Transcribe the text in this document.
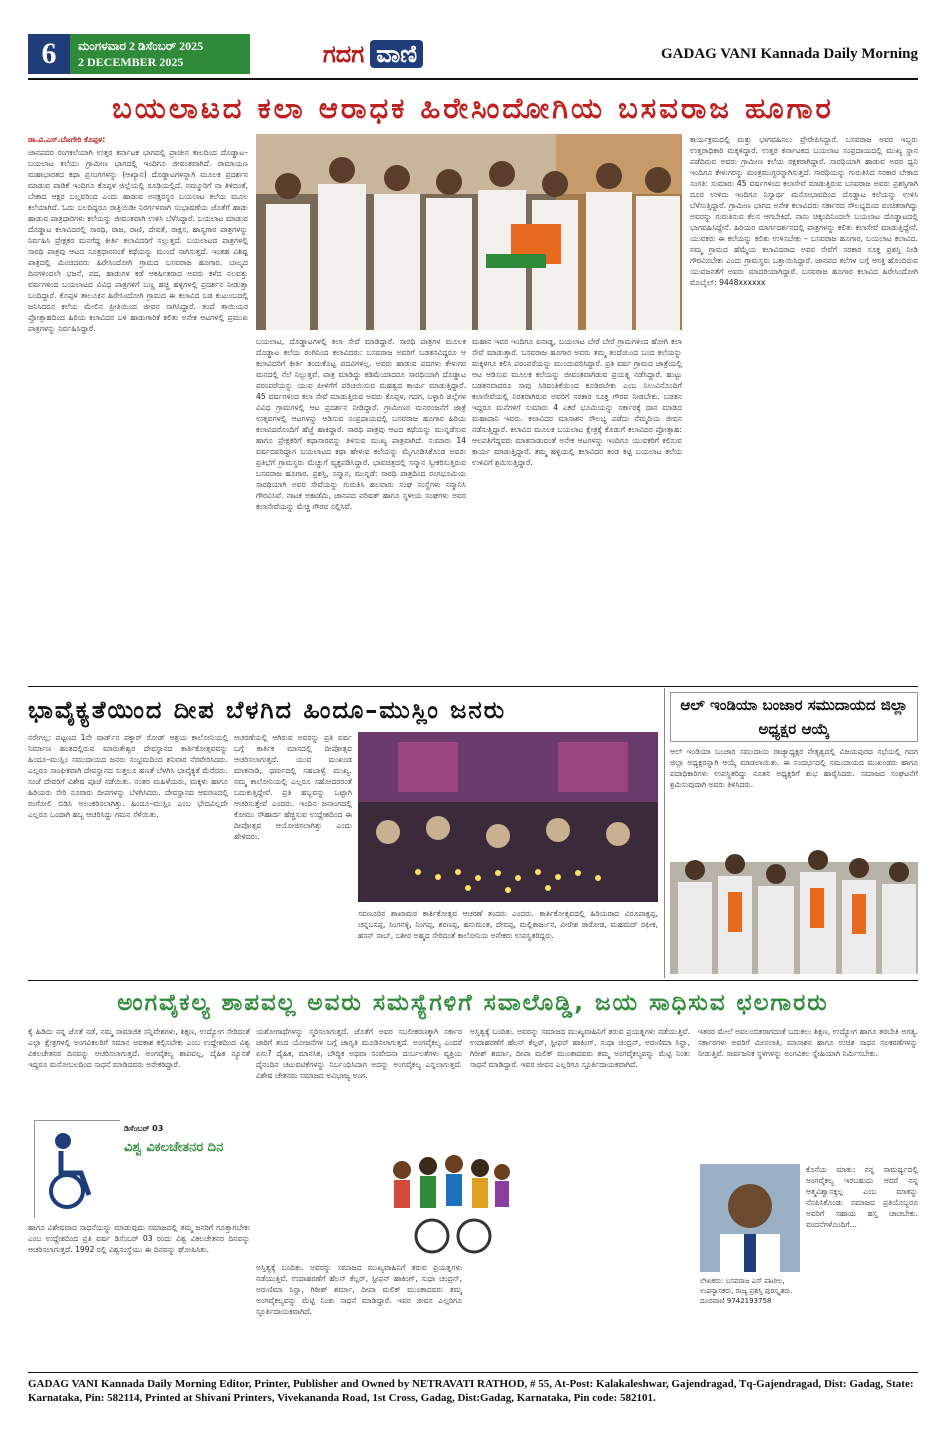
6	ಮಂಗಳವಾರ 2 ಡಿಸೆಂಬರ್ 2025
2 DECEMBER 2025	ಗದಗ ವಾಣಿ	GADAG VANI Kannada Daily Morning
ಬಯಲಾಟದ ಕಲಾ ಆರಾಧಕ ಹಿರೇಸಿಂದೋಗಿಯ ಬಸವರಾಜ ಹೂಗಾರ
ಡಾ.ವಿ.ಎಸ್.ಬೆಟಗೇರಿ ಕೊಪ್ಪಳ:
ಜಾನಪದರ ರಂಗಕಲೆಯಾಗಿ ಉತ್ತರ ಕರ್ನಾಟಕ ಭಾಗದಲ್ಲಿ ಪ್ರಾಚೀನ ಕಾಲದಿಂದ ದೊಡ್ಡಾಟ–ಬಯಲಾಟ ಕಲೆಯು ಗ್ರಾಮೀಣ ಭಾಗದಲ್ಲಿ ಇಂದಿಗೂ ಜೀವಂತವಾಗಿದೆ. ರಾಮಾಯಣ ಮಹಾಭಾರತದ ಕಥಾ ಪ್ರಸಂಗಗಳನ್ನು (ಆಖ್ಯಾನ) ದೊಡ್ಡಾಟಗಳನ್ನಾಗಿ ಮೂಲಕ ಪ್ರದರ್ಶನ ಮಾಡುವ ಪಾಡಿಕೆ ಇಂದಿಗೂ ಕೊಪ್ಪಳ ಜಿಲ್ಲೆಯಲ್ಲಿ ರೂಢಿಯಲ್ಲಿದೆ. ನಮ್ಮೂರಿಗೆ ನಾ ತಿಳಿದಂತೆ, ಬೇಕಾದ ಆಕ್ಷರ ಬಲ್ಲವರಿಂದ ಎಂದು ಹಾಡುವ ಅನಕ್ಷರಸ್ಥರ ಬಯಲಾಟ ಕಲೆಯ ಮೂಲ ಕಲೆಯಾಗಿದೆ. ಓದು ಬಲದಿದ್ದರೂ ರಾತ್ರಿಯಿಡೀ ನಿರರ್ಗಳವಾಗಿ ಸಂಭಾಷಣೆಯ ಜೊತೆಗೆ ಹಾಡು ಹಾಡುವ ಪಾತ್ರಧಾರಿಗಳು ಕಲೆಯನ್ನು ಜೀವಂತವಾಗಿ ಉಳಿಸಿ ಬೆಳೆಸಿದ್ದಾರೆ. ಬಯಲಾಟ ಮಾಡುವ ದೊಡ್ಡಾಟ ಕಲಾವಿದರಲ್ಲಿ ಸಾರಥಿ, ರಾಜ, ರಾಣಿ, ದೇವತೆ, ರಾಕ್ಷಸ, ಹಾಸ್ಯಗಾರ ಪಾತ್ರಗಳನ್ನು ನಿರ್ವಹಿಸಿ ಪ್ರೇಕ್ಷಕರ ಮನಗೆದ್ದ ಕೀರ್ತಿ ಕಲಾವಿದರಿಗೆ ಸಲ್ಲುತ್ತದೆ. ಬಯಲಾಟದ ಪಾತ್ರಗಳಲ್ಲಿ ಸಾರಥಿ ಪಾತ್ರವು ಆಟದ ಸೂತ್ರಧಾರನಂತೆ ಕಥೆಯನ್ನು ಮುಂದೆ ಸಾಗಿಸುತ್ತದೆ. ಇಂತಹ ವಿಶಿಷ್ಟ ಪಾತ್ರದಲ್ಲಿ ಮಿಂಚಿದವರು ಹಿರೇಸಿಂದೋಗಿ ಗ್ರಾಮದ ಬಸವರಾಜ ಹೂಗಾರ. ಬಾಲ್ಯದ ದಿನಗಳಿಂದಲೇ ಭಜನೆ, ಪದ, ಹಾಡುಗಳ ಕಡೆ ಆಕರ್ಷಿತರಾದ ಅವರು ಕಳೆದ ನಲವತ್ತು ವರ್ಷಗಳಿಂದ ಬಯಲಾಟದ ವಿವಿಧ ಪಾತ್ರಗಳಿಗೆ ಬಣ್ಣ ಹಚ್ಚಿ ಹಳ್ಳಿಗಳಲ್ಲಿ ಪ್ರದರ್ಶನ ನೀಡುತ್ತಾ ಬಂದಿದ್ದಾರೆ. ಕೊಪ್ಪಳ ತಾಲೂಕಿನ ಹಿರೇಸಿಂದೋಗಿ ಗ್ರಾಮದ ಈ ಕಲಾವಿದ ಬಡ ಕುಟುಂಬದಲ್ಲಿ ಜನಿಸಿದರೂ ಕಲೆಯ ಮೇಲಿನ ಪ್ರೀತಿಯಿಂದ ಜೀವನ ಸಾಗಿಸಿದ್ದಾರೆ. ತಂದೆ ತಾಯಿಯರ ಪ್ರೋತ್ಸಾಹದಿಂದ ಹಿರಿಯ ಕಲಾವಿದರ ಬಳಿ ಹಾಡುಗಾರಿಕೆ ಕಲಿತು ಅನೇಕ ಆಟಗಳಲ್ಲಿ ಪ್ರಮುಖ ಪಾತ್ರಗಳನ್ನು ನಿರ್ವಹಿಸಿದ್ದಾರೆ.
ಬಯಲಾಟ, ದೊಡ್ಡಾಟಗಳಲ್ಲಿ ಕಲಾ ಸೇವೆ ಮಾಡಿದ್ದಾರೆ. ಸಾರಥಿ ಪಾತ್ರಗಳ ಮೂಲಕ ದೊಡ್ಡಾಟ ಕಲೆಯ ರಂಗಿನಿಂದ ಕಲಾವಿದರು: ಬಸವರಾಜ ಅವರಿಗೆ ಬಡತನವಿದ್ದರೂ ಆ ಕಲಾವಿದರಿಗೆ ಕೀರ್ತಿ ತಂದುಕೊಟ್ಟ ಪದವಿಗಳಿಲ್ಲ. ಅವರು ಹಾಡುವ ಪದಗಳು ಕೇಳುಗರ ಮನದಲ್ಲಿ ನೆಲೆ ನಿಲ್ಲುತ್ತವೆ. ಪಾತ್ರ ಮಾಡಿದ್ದು ಕಡಿಮೆಯಾದರೂ ಸಾರಥಿಯಾಗಿ ದೊಡ್ಡಾಟ ಪರಂಪರೆಯನ್ನು ಯುವ ಪೀಳಿಗೆಗೆ ಪರಿಚಯಿಸುವ ಮಹತ್ವದ ಕಾರ್ಯ ಮಾಡುತ್ತಿದ್ದಾರೆ. 45 ವರ್ಷಗಳಿಂದ ಕಲಾ ಸೇವೆ ಮಾಡುತ್ತಿರುವ ಅವರು ಕೊಪ್ಪಳ, ಗದಗ, ಬಳ್ಳಾರಿ ಜಿಲ್ಲೆಗಳ ವಿವಿಧ ಗ್ರಾಮಗಳಲ್ಲಿ ಆಟ ಪ್ರದರ್ಶನ ನೀಡಿದ್ದಾರೆ. ಗ್ರಾಮೀಣರ ಮನರಂಜನೆಗೆ ಜಾತ್ರೆ ಉತ್ಸವಗಳಲ್ಲಿ ಆಟಗಳನ್ನು ಆಡಿಸುವ ಸಂಪ್ರದಾಯದಲ್ಲಿ ಬಸವರಾಜ ಹೂಗಾರ ಹಿರಿಯ ಕಲಾವಿದರೊಂದಿಗೆ ಹೆಜ್ಜೆ ಹಾಕಿದ್ದಾರೆ. ಸಾರಥಿ ಪಾತ್ರವು ಆಟದ ಕಥೆಯನ್ನು ಮುನ್ನಡೆಸುವ ಹಾಗೂ ಪ್ರೇಕ್ಷಕರಿಗೆ ಕಥಾಸಾರವನ್ನು ತಿಳಿಸುವ ಮುಖ್ಯ ಪಾತ್ರವಾಗಿದೆ. ಸುಮಾರು 14 ವರ್ಷದವರಿದ್ದಾಗ ಬಯಲಾಟದ ಕಥಾ ಹೇಳುವ ಕಲೆಯನ್ನು ಮೈಗೂಡಿಸಿಕೊಂಡ ಅವರು ಪ್ರತಿಭೆಗೆ ಗ್ರಾಮಸ್ಥರು ಮೆಚ್ಚುಗೆ ವ್ಯಕ್ತಪಡಿಸಿದ್ದಾರೆ. ಭಾವಚಿತ್ರದಲ್ಲಿ ಸನ್ಮಾನ ಸ್ವೀಕರಿಸುತ್ತಿರುವ ಬಸವರಾಜ ಹೂಗಾರ. ಪ್ರಶಸ್ತಿ, ಸನ್ಮಾನ, ಮುನ್ನಡೆ: ಸಾರಥಿ ಪಾತ್ರದಿಂದ ರಂಗಭೂಮಿಯ ಸಾರಥಿಯಾಗಿ ಅವರ ಸೇವೆಯನ್ನು ಗುರುತಿಸಿ ಹಲವಾರು ಸಂಘ ಸಂಸ್ಥೆಗಳು ಸನ್ಮಾನಿಸಿ ಗೌರವಿಸಿವೆ. ನಾಟಕ ಅಕಾಡೆಮಿ, ಜಾನಪದ ಪರಿಷತ್ ಹಾಗೂ ಸ್ಥಳೀಯ ಸಂಘಗಳು ಅವರ ಕಲಾಸೇವೆಯನ್ನು ಮೆಚ್ಚಿ ಗೌರವ ಸಲ್ಲಿಸಿವೆ.
ಮಹಾನ ಇವರ ಇಂದಿಗೂ ಐನಾಡ್ಡ, ಬಯಲಾಟ ಬೇರೆ ಬೇರೆ ಗ್ರಾಮಗಳಿಂದ ಹೋಗಿ ಕಲಾ ಸೇವೆ ಮಾಡುತ್ತಾರೆ. ಬಸವರಾಜ ಹೂಗಾರ ಅವರು ತಮ್ಮ ತಂದೆಯಿಂದ ಬಂದ ಕಲೆಯನ್ನು ಮಕ್ಕಳಿಗೂ ಕಲಿಸಿ ಪರಂಪರೆಯನ್ನು ಮುಂದುವರಿಸಿದ್ದಾರೆ. ಪ್ರತಿ ವರ್ಷ ಗ್ರಾಮದ ಜಾತ್ರೆಯಲ್ಲಿ ಆಟ ಆಡಿಸುವ ಮೂಲಕ ಕಲೆಯನ್ನು ಜೀವಂತವಾಗಿಡುವ ಪ್ರಯತ್ನ ನಡೆಸಿದ್ದಾರೆ. ಹುಟ್ಟು ಬಡತನವಾದರೂ ಸಾವು ಸಿರಿವಂತಿಕೆಯಿಂದ ಕೂಡಿರಬೇಕು ಎಂಬ ನಿಲುವಿನೊಂದಿಗೆ ಕಲಾಸೇವೆಯಲ್ಲಿ ನಿರತರಾಗಿರುವ ಅವರಿಗೆ ಸರಕಾರ ಸೂಕ್ತ ಗೌರವ ನೀಡಬೇಕು. ಬಡತನ ಇದ್ದರೂ ಮನೆಗಳಿಗೆ ಸುಮಾರು 4 ಎಕರೆ ಭೂಮಿಯನ್ನು ಸರ್ಕಾರಕ್ಕೆ ದಾನ ಮಾಡಿದ ಮಹಾದಾನಿ ಇವರು. ಕಲಾವಿದರ ಮಾಸಾಶನ ಸೌಲಭ್ಯ ಪಡೆದು ನೆಮ್ಮದಿಯ ಜೀವನ ನಡೆಸುತ್ತಿದ್ದಾರೆ. ಕಲಾವಿದ ಮೂಲಕ ಬಯಲಾಟ ಕ್ಷೇತ್ರಕ್ಕೆ ಕೊಡುಗೆ ಕಲಾವಿದರ ಪ್ರೋತ್ಸಾಹ: ಆಲಪತಿಗೆದ್ದವರು ಮಾತನಾಡುವಂತೆ ಅನೇಕ ಆಟಗಳನ್ನು ಇಂದಿಗೂ ಯುವಕರಿಗೆ ಕಲಿಸುವ ಕಾರ್ಯ ಮಾಡುತ್ತಿದ್ದಾರೆ. ತಮ್ಮ ಹಳ್ಳಿಯಲ್ಲಿ ಕಲಾವಿದರ ತಂಡ ಕಟ್ಟಿ ಬಯಲಾಟ ಕಲೆಯ ಉಳಿವಿಗೆ ಶ್ರಮಿಸುತ್ತಿದ್ದಾರೆ.
ಕಾರ್ಯಕ್ರಮದಲ್ಲಿ ಮತ್ತು ಭಾಗವಹಿಸಲು ಪ್ರೇರೇಪಿಸಿದ್ದಾರೆ. ಬಸವರಾಜ ಅವರ ಇಬ್ಬರು ಉತ್ತರಾಧಿಕಾರಿ ಮಕ್ಕಳಿದ್ದಾರೆ. ಉತ್ತರ ಕರ್ನಾಟಕದ ಬಯಲಾಟ ಸಂಪ್ರದಾಯದಲ್ಲಿ ಮುಖ್ಯ ಸ್ಥಾನ ಪಡೆದಿರುವ ಅವರು ಗ್ರಾಮೀಣ ಕಲೆಯ ರಕ್ಷಕರಾಗಿದ್ದಾರೆ. ಸಾರಥಿಯಾಗಿ ಹಾಡುವ ಅವರ ಧ್ವನಿ ಇಂದಿಗೂ ಕೇಳುಗರನ್ನು ಮಂತ್ರಮುಗ್ಧರನ್ನಾಗಿಸುತ್ತದೆ. ಸಾರಥಿಯನ್ನು ಗುರುತಿಸಿದ ಸರಕಾರ ಬೇಕಾದ ಸಂಗತಿ: ಸುಮಾರು 45 ವರ್ಷಗಳಿಂದ ಕಲಾಸೇವೆ ಮಾಡುತ್ತಿರುವ ಬಸವರಾಜ ಅವರು ಪ್ರಶಸ್ತಿಗಾಗಿ ದೂರ ಉಳಿದು ಇಂದಿಗೂ ನಿಸ್ವಾರ್ಥ ಮನೋಭಾವದಿಂದ ದೊಡ್ಡಾಟ ಕಲೆಯನ್ನು ಉಳಿಸಿ ಬೆಳೆಸುತ್ತಿದ್ದಾರೆ. ಗ್ರಾಮೀಣ ಭಾಗದ ಅನೇಕ ಕಲಾವಿದರು ಸರ್ಕಾರದ ಸೌಲಭ್ಯದಿಂದ ವಂಚಿತರಾಗಿದ್ದು ಅವರನ್ನು ಗುರುತಿಸುವ ಕೆಲಸ ಆಗಬೇಕಿದೆ. ನಾನು ಚಿಕ್ಕಂದಿನಿಂದಲೇ ಬಯಲಾಟ ದೊಡ್ಡಾಟದಲ್ಲಿ ಭಾಗವಹಿಸಿದ್ದೇನೆ. ಹಿರಿಯರ ಮಾರ್ಗದರ್ಶನದಲ್ಲಿ ಪಾತ್ರಗಳನ್ನು ಕಲಿತು ಕಲಾಸೇವೆ ಮಾಡುತ್ತಿದ್ದೇನೆ. ಯುವಕರು ಈ ಕಲೆಯನ್ನು ಕಲಿತು ಉಳಿಸಬೇಕು – ಬಸವರಾಜ ಹೂಗಾರ, ಬಯಲಾಟ ಕಲಾವಿದ. ನಮ್ಮ ಗ್ರಾಮದ ಹೆಮ್ಮೆಯ ಕಲಾವಿದರಾದ ಅವರ ಸೇವೆಗೆ ಸರಕಾರ ಸೂಕ್ತ ಪ್ರಶಸ್ತಿ ನೀಡಿ ಗೌರವಿಸಬೇಕು ಎಂದು ಗ್ರಾಮಸ್ಥರು ಒತ್ತಾಯಿಸಿದ್ದಾರೆ. ಜಾನಪದ ಕಲೆಗಳ ಬಗ್ಗೆ ಆಸಕ್ತಿ ಹೊಂದಿರುವ ಯುವಜನತೆಗೆ ಅವರು ಮಾದರಿಯಾಗಿದ್ದಾರೆ. ಬಸವರಾಜ ಹೂಗಾರ ಕಲಾವಿದ ಹಿರೇಸಿಂದೋಗಿ ಮೊಬೈಲ್: 9448xxxxxx
ಭಾವೈಕ್ಯತೆಯಿಂದ ದೀಪ ಬೆಳಗಿದ ಹಿಂದೂ–ಮುಸ್ಲಿಂ ಜನರು
ನರೇಗಲ್ಲ: ಪಟ್ಟಣದ 1ನೇ ವಾರ್ಡ್‌ನ ಪಕ್ಕಾರ್ ರೋಡ್ ಆಶ್ರಯ ಕಾಲೋನಿಯಲ್ಲಿ ನಿರ್ಮಾಣ ಹಂತದಲ್ಲಿರುವ ಮಾರುತೇಶ್ವರ ದೇವಸ್ಥಾನದ ಕಾರ್ತಿಕೋತ್ಸವವನ್ನು ಹಿಂದೂ–ಮುಸ್ಲಿಂ ಸಮುದಾಯದ ಜನರು ಸಂಭ್ರಮದಿಂದ ಶನಿವಾರ ನೆರವೇರಿಸಿದರು. ಎಲ್ಲರೂ ಸಾಂಘಿಕವಾಗಿ ದೇವಸ್ಥಾನದ ಸುತ್ತಲೂ ಹಣತೆ ಬೆಳಗಿಸಿ ಭಾವೈಕ್ಯತೆ ಮೆರೆದರು. ಸಂಜೆ ದೇವರಿಗೆ ವಿಶೇಷ ಪೂಜೆ ನಡೆಯಿತು. ನಂತರ ಮಹಿಳೆಯರು, ಮಕ್ಕಳು ಹಾಗೂ ಹಿರಿಯರು ಸೇರಿ ನೂರಾರು ದೀಪಗಳನ್ನು ಬೆಳಗಿಸಿದರು. ದೇವಸ್ಥಾನದ ಆವರಣದಲ್ಲಿ ರಂಗೋಲಿ ಬಿಡಿಸಿ ಅಲಂಕರಿಸಲಾಗಿತ್ತು. ಹಿಂದೂ–ಮುಸ್ಲಿಂ ಎಂಬ ಭೇದವಿಲ್ಲದೇ ಎಲ್ಲರೂ ಒಂದಾಗಿ ಹಬ್ಬ ಆಚರಿಸಿದ್ದು ಗಮನ ಸೆಳೆಯಿತು.
ಆಚರಣೆಯಲ್ಲಿ ಆಗಿರುವ ಅವರನ್ನು ಪ್ರತಿ ವರ್ಷ ಬಗ್ಗೆ ಕಾರ್ತಿಕ ಮಾಸದಲ್ಲಿ ದೀಪೋತ್ಸವ ಆಚರಿಸಲಾಗುತ್ತದೆ. ಯುವ ಮುಖಂಡ ಮಾತನಾಡಿ, ಧರ್ಮದಲ್ಲಿ ಸಹಬಾಳ್ವೆ ಮುಖ್ಯ. ನಮ್ಮ ಕಾಲೋನಿಯಲ್ಲಿ ಎಲ್ಲರೂ ಸಹೋದರರಂತೆ ಬದುಕುತ್ತಿದ್ದೇವೆ. ಪ್ರತಿ ಹಬ್ಬವನ್ನು ಒಟ್ಟಾಗಿ ಆಚರಿಸುತ್ತೇವೆ ಎಂದರು. ಇಂದಿನ ಜನಾಂಗದಲ್ಲಿ ಕೋಮು ಸೌಹಾರ್ದ ಹೆಚ್ಚಿಸುವ ಉದ್ದೇಶದಿಂದ ಈ ದೀಪೋತ್ಸವ ಆಯೋಜಿಸಲಾಗಿತ್ತು ಎಂದು ಹೇಳಿದರು.
ಸವಣೂರಿನ ಶಾಖಾಮಠ ಕಾರ್ತಿಕೋತ್ಸವ ಆಚರಣೆ ತಂದರು ಎಂದರು. ಕಾರ್ತಿಕೋತ್ಸವದಲ್ಲಿ ಹಿರಿಯರಾದ ವಿರೂಪಾಕ್ಷಪ್ಪ, ಚನ್ನಬಸಪ್ಪ, ಸಿಂಗನಳ್ಳಿ, ನಿಂಗಪ್ಪ, ಶರಣಪ್ಪ, ಹನುಮಂತ, ದೇವಪ್ಪ, ಮಲ್ಲಿಕಾರ್ಜುನ, ವೀರೇಶ ರಾಠೋಡ, ಮಹಮದ್ ರಫೀಕ, ಹಸನ್ ಸಾಬ್, ಬಶೀರ ಅಹ್ಮದ ಸೇರಿದಂತೆ ಕಾಲೋನಿಯ ಅನೇಕರು ಉಪಸ್ಥಿತರಿದ್ದರು.
ಆಲ್ ಇಂಡಿಯಾ ಬಂಜಾರ ಸಮುದಾಯದ ಜಿಲ್ಲಾ ಅಧ್ಯಕ್ಷರ ಆಯ್ಕೆ
ಆಲ್ ಇಂಡಿಯಾ ಬಂಜಾರ ಸಮುದಾಯ ರಾಜ್ಯಾಧ್ಯಕ್ಷರ ನೇತೃತ್ವದಲ್ಲಿ ವಿಜಯಪುರದ ಸಭೆಯಲ್ಲಿ ಗದಗ ಜಿಲ್ಲಾ ಅಧ್ಯಕ್ಷರನ್ನಾಗಿ ಆಯ್ಕೆ ಮಾಡಲಾಯಿತು. ಈ ಸಂದರ್ಭದಲ್ಲಿ ಸಮುದಾಯದ ಮುಖಂಡರು ಹಾಗೂ ಪದಾಧಿಕಾರಿಗಳು ಉಪಸ್ಥಿತರಿದ್ದು ನೂತನ ಅಧ್ಯಕ್ಷರಿಗೆ ಶುಭ ಹಾರೈಸಿದರು. ಸಮಾಜದ ಸಂಘಟನೆಗೆ ಶ್ರಮಿಸುವುದಾಗಿ ಅವರು ತಿಳಿಸಿದರು.
ಅಂಗವೈಕಲ್ಯ ಶಾಪವಲ್ಲ ಅವರು ಸಮಸ್ಯೆಗಳಿಗೆ ಸವಾಲೊಡ್ಡಿ, ಜಯ ಸಾಧಿಸುವ ಛಲಗಾರರು
ಕೈ ಹಿಡಿದು ನನ್ನ ಜೊತೆ ನಡೆ, ನಮ್ಮ ಸಾಮಾಜಿಕ ಸನ್ನಿವೇಶಗಳು, ಶಿಕ್ಷಣ, ಉದ್ಯೋಗ ಸೇರಿದಂತೆ ಎಲ್ಲಾ ಕ್ಷೇತ್ರಗಳಲ್ಲಿ ಅಂಗವಿಕಲರಿಗೆ ಸಮಾನ ಅವಕಾಶ ಕಲ್ಪಿಸಬೇಕು ಎಂಬ ಉದ್ದೇಶದಿಂದ ವಿಶ್ವ ವಿಕಲಚೇತನರ ದಿನವನ್ನು ಆಚರಿಸಲಾಗುತ್ತದೆ. ಅಂಗವೈಕಲ್ಯ ಶಾಪವಲ್ಲ, ದೈಹಿಕ ನ್ಯೂನತೆ ಇದ್ದರೂ ಮನೋಬಲದಿಂದ ಸಾಧನೆ ಮಾಡಿದವರು ಅನೇಕರಿದ್ದಾರೆ.
ಡಿಸೆಂಬರ್ 03
ವಿಶ್ವ ವಿಕಲಚೇತನರ ದಿನ
ಹಾಗೂ ವಿಶೇಷವಾದ ಸಾಧನೆಯನ್ನು ಮಾಡುವುದು ಸಮಾಜದಲ್ಲಿ ತಮ್ಮ ಜನರಿಗೆ ಗೂತ್ತಾಗಬೇಕು ಎಂಬ ಉದ್ದೇಶದಿಂದ ಪ್ರತಿ ವರ್ಷ ಡಿಸೆಂಬರ್ 03 ರಂದು ವಿಶ್ವ ವಿಕಲಚೇತನರ ದಿನವನ್ನು ಆಚರಿಸಲಾಗುತ್ತದೆ. 1992 ರಲ್ಲಿ ವಿಶ್ವಸಂಸ್ಥೆಯು ಈ ದಿನವನ್ನು ಘೋಷಿಸಿತು.
ಯಶೋಗಾಥೆಗಳನ್ನು ಸ್ಮರಿಸಲಾಗುತ್ತದೆ. ಜೊತೆಗೆ ಅವರ ಸಬಲೀಕರಣಕ್ಕಾಗಿ ಸರ್ಕಾರ ಜಾರಿಗೆ ತಂದ ಯೋಜನೆಗಳ ಬಗ್ಗೆ ಜಾಗೃತಿ ಮೂಡಿಸಲಾಗುತ್ತದೆ. ಅಂಗವೈಕಲ್ಯ ಎಂದರೆ ಏನು? ದೈಹಿಕ, ಮಾನಸಿಕ, ಬೌದ್ಧಿಕ ಅಥವಾ ಸಂವೇದನಾ ದುರ್ಬಲತೆಗಳು ವ್ಯಕ್ತಿಯ ದೈನಂದಿನ ಚಟುವಟಿಕೆಗಳನ್ನು ನಿರ್ಬಂಧಿಸಿದಾಗ ಅದನ್ನು ಅಂಗವೈಕಲ್ಯ ಎನ್ನಲಾಗುತ್ತದೆ. ವಿಶೇಷ ಚೇತನರು ಸಮಾಜದ ಅವಿಭಾಜ್ಯ ಅಂಗ.
ಅಸ್ತಿತ್ವಕ್ಕೆ ಬಂದಿತು. ಅವರನ್ನು ಸಮಾಜದ ಮುಖ್ಯವಾಹಿನಿಗೆ ತರುವ ಪ್ರಯತ್ನಗಳು ನಡೆಯುತ್ತಿವೆ. ಉದಾಹರಣೆಗೆ ಹೆಲನ್ ಕೆಲ್ಲರ್, ಸ್ಟೀಫನ್ ಹಾಕಿಂಗ್, ಸುಧಾ ಚಂದ್ರನ್, ಅರುಣಿಮಾ ಸಿನ್ಹಾ, ಗಿರೀಶ್ ಶರ್ಮಾ, ದೀಪಾ ಮಲಿಕ್ ಮುಂತಾದವರು ತಮ್ಮ ಅಂಗವೈಕಲ್ಯವನ್ನು ಮೆಟ್ಟಿ ನಿಂತು ಸಾಧನೆ ಮಾಡಿದ್ದಾರೆ. ಇವರ ಜೀವನ ಎಲ್ಲರಿಗೂ ಸ್ಫೂರ್ತಿದಾಯಕವಾಗಿದೆ.
ಅಸ್ತಿತ್ವಕ್ಕೆ ಬಂದಿತು. ಅವರನ್ನು ಸಮಾಜದ ಮುಖ್ಯವಾಹಿನಿಗೆ ತರುವ ಪ್ರಯತ್ನಗಳು ನಡೆಯುತ್ತಿವೆ. ಉದಾಹರಣೆಗೆ ಹೆಲನ್ ಕೆಲ್ಲರ್, ಸ್ಟೀಫನ್ ಹಾಕಿಂಗ್, ಸುಧಾ ಚಂದ್ರನ್, ಅರುಣಿಮಾ ಸಿನ್ಹಾ, ಗಿರೀಶ್ ಶರ್ಮಾ, ದೀಪಾ ಮಲಿಕ್ ಮುಂತಾದವರು ತಮ್ಮ ಅಂಗವೈಕಲ್ಯವನ್ನು ಮೆಟ್ಟಿ ನಿಂತು ಸಾಧನೆ ಮಾಡಿದ್ದಾರೆ. ಇವರ ಜೀವನ ಎಲ್ಲರಿಗೂ ಸ್ಫೂರ್ತಿದಾಯಕವಾಗಿದೆ.
ಇತರರ ಮೇಲೆ ಅವಲಂಬಿತರಾಗದಂತೆ ಬದುಕಲು ಶಿಕ್ಷಣ, ಉದ್ಯೋಗ ಹಾಗೂ ತರಬೇತಿ ಅಗತ್ಯ. ಸರ್ಕಾರಗಳು ಅವರಿಗೆ ಮೀಸಲಾತಿ, ಮಾಸಾಶನ ಹಾಗೂ ಉಚಿತ ಸಾಧನ ಸಲಕರಣೆಗಳನ್ನು ನೀಡುತ್ತಿವೆ. ಸಾರ್ವಜನಿಕ ಸ್ಥಳಗಳನ್ನು ಅಂಗವಿಕಲ ಸ್ನೇಹಿಯಾಗಿ ನಿರ್ಮಿಸಬೇಕು.
ಲೇಖಕರು: ಬಸವರಾಜ ಎಸ್ ಪಾಟೀಲ, ಉಪನ್ಯಾಸಕರು, ರಾಜ್ಯ ಪ್ರಶಸ್ತಿ ಪುರಸ್ಕೃತರು. ದೂರವಾಣಿ 9742193758
ಕೊನೆಯ ಮಾತು: ನನ್ನ ಸಾಮರ್ಥ್ಯದಲ್ಲಿ ಅಂಗವೈಕಲ್ಯ ಇರಬಹುದು ಆದರೆ ನನ್ನ ಆತ್ಮವಿಶ್ವಾಸಕ್ಕಲ್ಲ ಎಂಬ ಮಾತನ್ನು ನೆನಪಿಸಿಕೊಂಡು ಸಮಾಜದ ಪ್ರತಿಯೊಬ್ಬರೂ ಅವರಿಗೆ ಸಹಾಯ ಹಸ್ತ ಚಾಚಬೇಕು. ವಂದನೆಗಳೊಂದಿಗೆ...
GADAG VANI Kannada Daily Morning Editor, Printer, Publisher and Owned by NETRAVATI RATHOD, # 55, At-Post: Kalakaleshwar, Gajendragad, Tq-Gajendragad, Dist: Gadag, State: Karnataka, Pin: 582114, Printed at Shivani Printers, Vivekananda Road, 1st Cross, Gadag, Dist:Gadag, Karnataka, Pin code: 582101.
